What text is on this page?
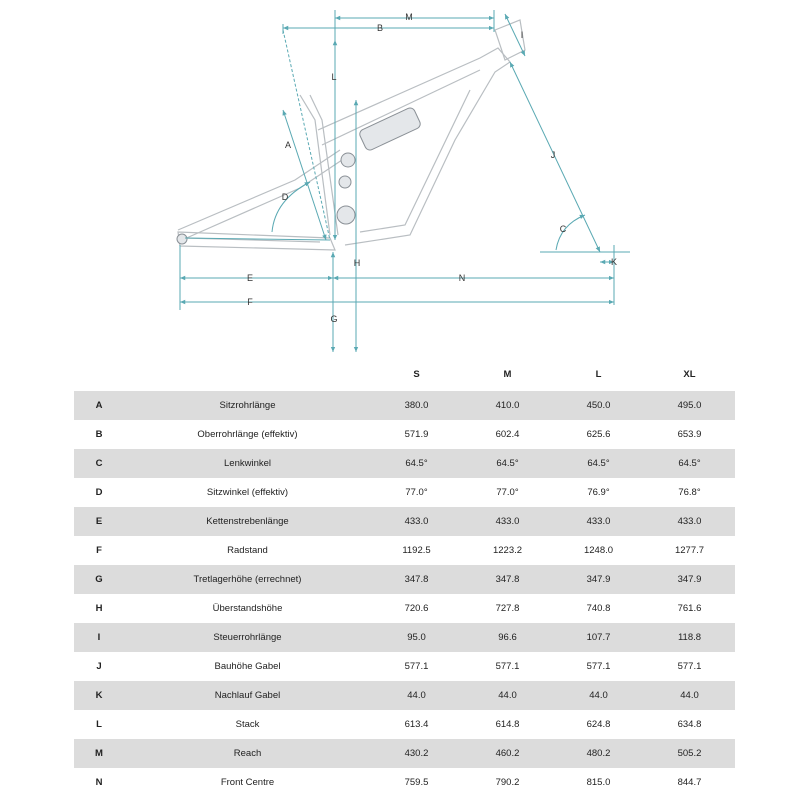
M
B
I
L
A
J
D
C
K
H
E	N
F
G
		S	M	L	XL
A	Sitzrohrlänge	380.0	410.0	450.0	495.0
B	Oberrohrlänge (effektiv)	571.9	602.4	625.6	653.9
C	Lenkwinkel	64.5°	64.5°	64.5°	64.5°
D	Sitzwinkel (effektiv)	77.0°	77.0°	76.9°	76.8°
E	Kettenstrebenlänge	433.0	433.0	433.0	433.0
F	Radstand	1192.5	1223.2	1248.0	1277.7
G	Tretlagerhöhe (errechnet)	347.8	347.8	347.9	347.9
H	Überstandshöhe	720.6	727.8	740.8	761.6
I	Steuerrohrlänge	95.0	96.6	107.7	118.8
J	Bauhöhe Gabel	577.1	577.1	577.1	577.1
K	Nachlauf Gabel	44.0	44.0	44.0	44.0
L	Stack	613.4	614.8	624.8	634.8
M	Reach	430.2	460.2	480.2	505.2
N	Front Centre	759.5	790.2	815.0	844.7
